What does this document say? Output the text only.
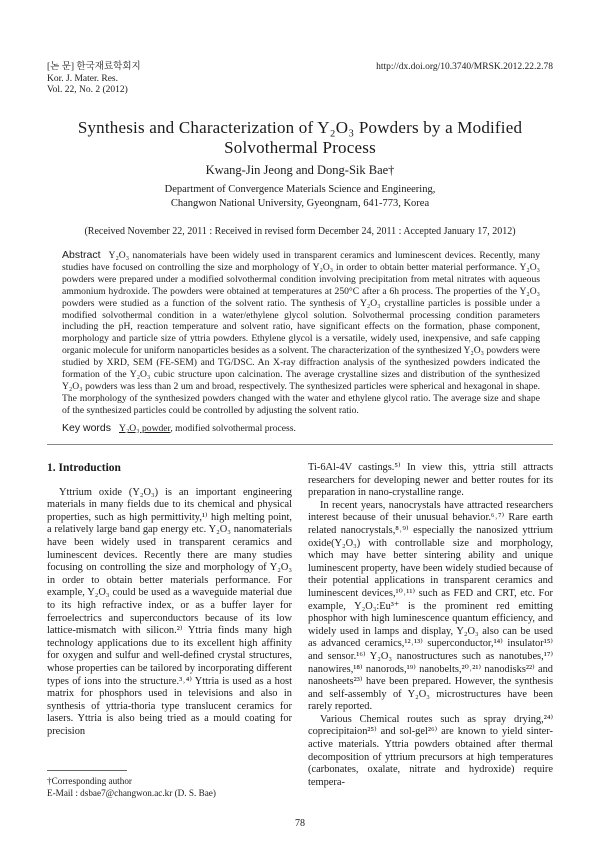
[논 문] 한국재료학회지
Kor. J. Mater. Res.
Vol. 22, No. 2 (2012)
http://dx.doi.org/10.3740/MRSK.2012.22.2.78
Synthesis and Characterization of Y₂O₃ Powders by a Modified
Solvothermal Process
Kwang-Jin Jeong and Dong-Sik Bae†
Department of Convergence Materials Science and Engineering,
Changwon National University, Gyeongnam, 641-773, Korea
(Received November 22, 2011 : Received in revised form December 24, 2011 : Accepted January 17, 2012)
Abstract Y₂O₃ nanomaterials have been widely used in transparent ceramics and luminescent devices. Recently, many studies have focused on controlling the size and morphology of Y₂O₃ in order to obtain better material performance. Y₂O₃ powders were prepared under a modified solvothermal condition involving precipitation from metal nitrates with aqueous ammonium hydroxide. The powders were obtained at temperatures at 250°C after a 6h process. The properties of the Y₂O₃ powders were studied as a function of the solvent ratio. The synthesis of Y₂O₃ crystalline particles is possible under a modified solvothermal condition in a water/ethylene glycol solution. Solvothermal processing condition parameters including the pH, reaction temperature and solvent ratio, have significant effects on the formation, phase component, morphology and particle size of yttria powders. Ethylene glycol is a versatile, widely used, inexpensive, and safe capping organic molecule for uniform nanoparticles besides as a solvent. The characterization of the synthesized Y₂O₃ powders were studied by XRD, SEM (FE-SEM) and TG/DSC. An X-ray diffraction analysis of the synthesized powders indicated the formation of the Y₂O₃ cubic structure upon calcination. The average crystalline sizes and distribution of the synthesized Y₂O₃ powders was less than 2 um and broad, respectively. The synthesized particles were spherical and hexagonal in shape. The morphology of the synthesized powders changed with the water and ethylene glycol ratio. The average size and shape of the synthesized particles could be controlled by adjusting the solvent ratio.
Key words Y₂O₃ powder, modified solvothermal process.

1. Introduction

Yttrium oxide (Y₂O₃) is an important engineering materials in many fields due to its chemical and physical properties, such as high permittivity,¹⁾ high melting point, a relatively large band gap energy etc. Y₂O₃ nanomaterials have been widely used in transparent ceramics and luminescent devices. Recently there are many studies focusing on controlling the size and morphology of Y₂O₃ in order to obtain better materials performance. For example, Y₂O₃ could be used as a waveguide material due to its high refractive index, or as a buffer layer for ferroelectrics and superconductors because of its low lattice-mismatch with silicon.²⁾ Yttria finds many high technology applications due to its excellent high affinity for oxygen and sulfur and well-defined crystal structures, whose properties can be tailored by incorporating different types of ions into the structure.³˒⁴⁾ Yttria is used as a host matrix for phosphors used in televisions and also in synthesis of yttria-thoria type translucent ceramics for lasers. Yttria is also being tried as a mould coating for precision

Ti-6Al-4V castings.⁵⁾ In view this, yttria still attracts researchers for developing newer and better routes for its preparation in nano-crystalline range.

In recent years, nanocrystals have attracted researchers interest because of their unusual behavior.⁶˒⁷⁾ Rare earth related nanocrystals,⁸˒⁹⁾ especially the nanosized yttrium oxide(Y₂O₃) with controllable size and morphology, which may have better sintering ability and unique luminescent property, have been widely studied because of their potential applications in transparent ceramics and luminescent devices,¹⁰˒¹¹⁾ such as FED and CRT, etc. For example, Y₂O₃:Eu³⁺ is the prominent red emitting phosphor with high luminescence quantum efficiency, and widely used in lamps and display, Y₂O₃ also can be used as advanced ceramics,¹²˒¹³⁾ superconductor,¹⁴⁾ insulator¹⁵⁾ and sensor.¹⁶⁾ Y₂O₃ nanostructures such as nanotubes,¹⁷⁾ nanowires,¹⁸⁾ nanorods,¹⁹⁾ nanobelts,²⁰˒²¹⁾ nanodisks²²⁾ and nanosheets²³⁾ have been prepared. However, the synthesis and self-assembly of Y₂O₃ microstructures have been rarely reported.

Various Chemical routes such as spray drying,²⁴⁾ coprecipitaion²⁵⁾ and sol-gel²⁶⁾ are known to yield sinter-active materials. Yttria powders obtained after thermal decomposition of yttrium precursors at high temperatures (carbonates, oxalate, nitrate and hydroxide) require tempera-

†Corresponding author
E-Mail : dsbae7@changwon.ac.kr (D. S. Bae)
78
